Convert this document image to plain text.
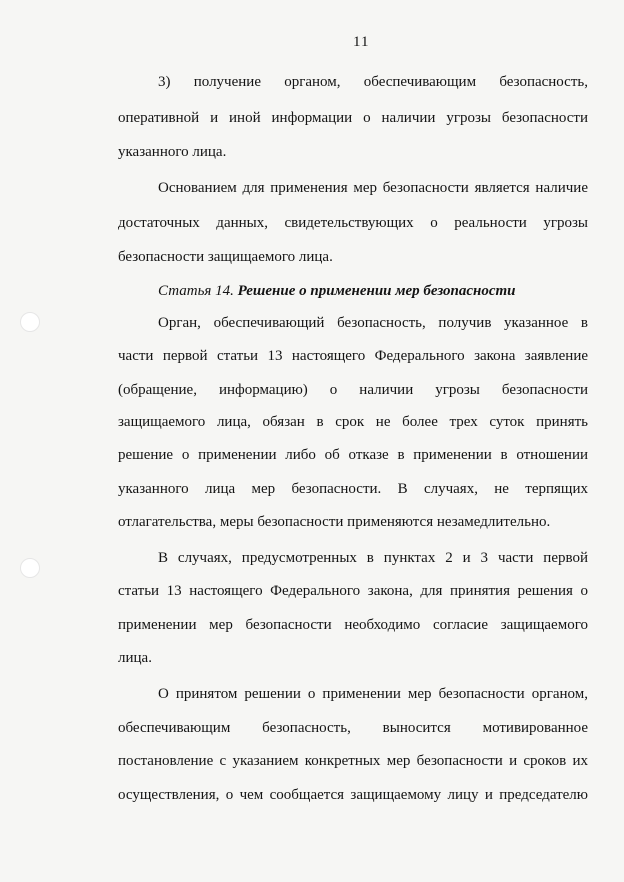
11
3) получение органом, обеспечивающим безопасность,
оперативной и иной информации о наличии угрозы безопасности
указанного лица.
Основанием для применения мер безопасности является наличие
достаточных данных, свидетельствующих о реальности угрозы
безопасности защищаемого лица.
Статья 14. Решение о применении мер безопасности
Орган, обеспечивающий безопасность, получив указанное в
части первой статьи 13 настоящего Федерального закона заявление
(обращение, информацию) о наличии угрозы безопасности
защищаемого лица, обязан в срок не более трех суток принять
решение о применении либо об отказе в применении в отношении
указанного лица мер безопасности. В случаях, не терпящих
отлагательства, меры безопасности применяются незамедлительно.
В случаях, предусмотренных в пунктах 2 и 3 части первой
статьи 13 настоящего Федерального закона, для принятия решения о
применении мер безопасности необходимо согласие защищаемого
лица.
О принятом решении о применении мер безопасности органом,
обеспечивающим безопасность, выносится мотивированное
постановление с указанием конкретных мер безопасности и сроков их
осуществления, о чем сообщается защищаемому лицу и председателю
